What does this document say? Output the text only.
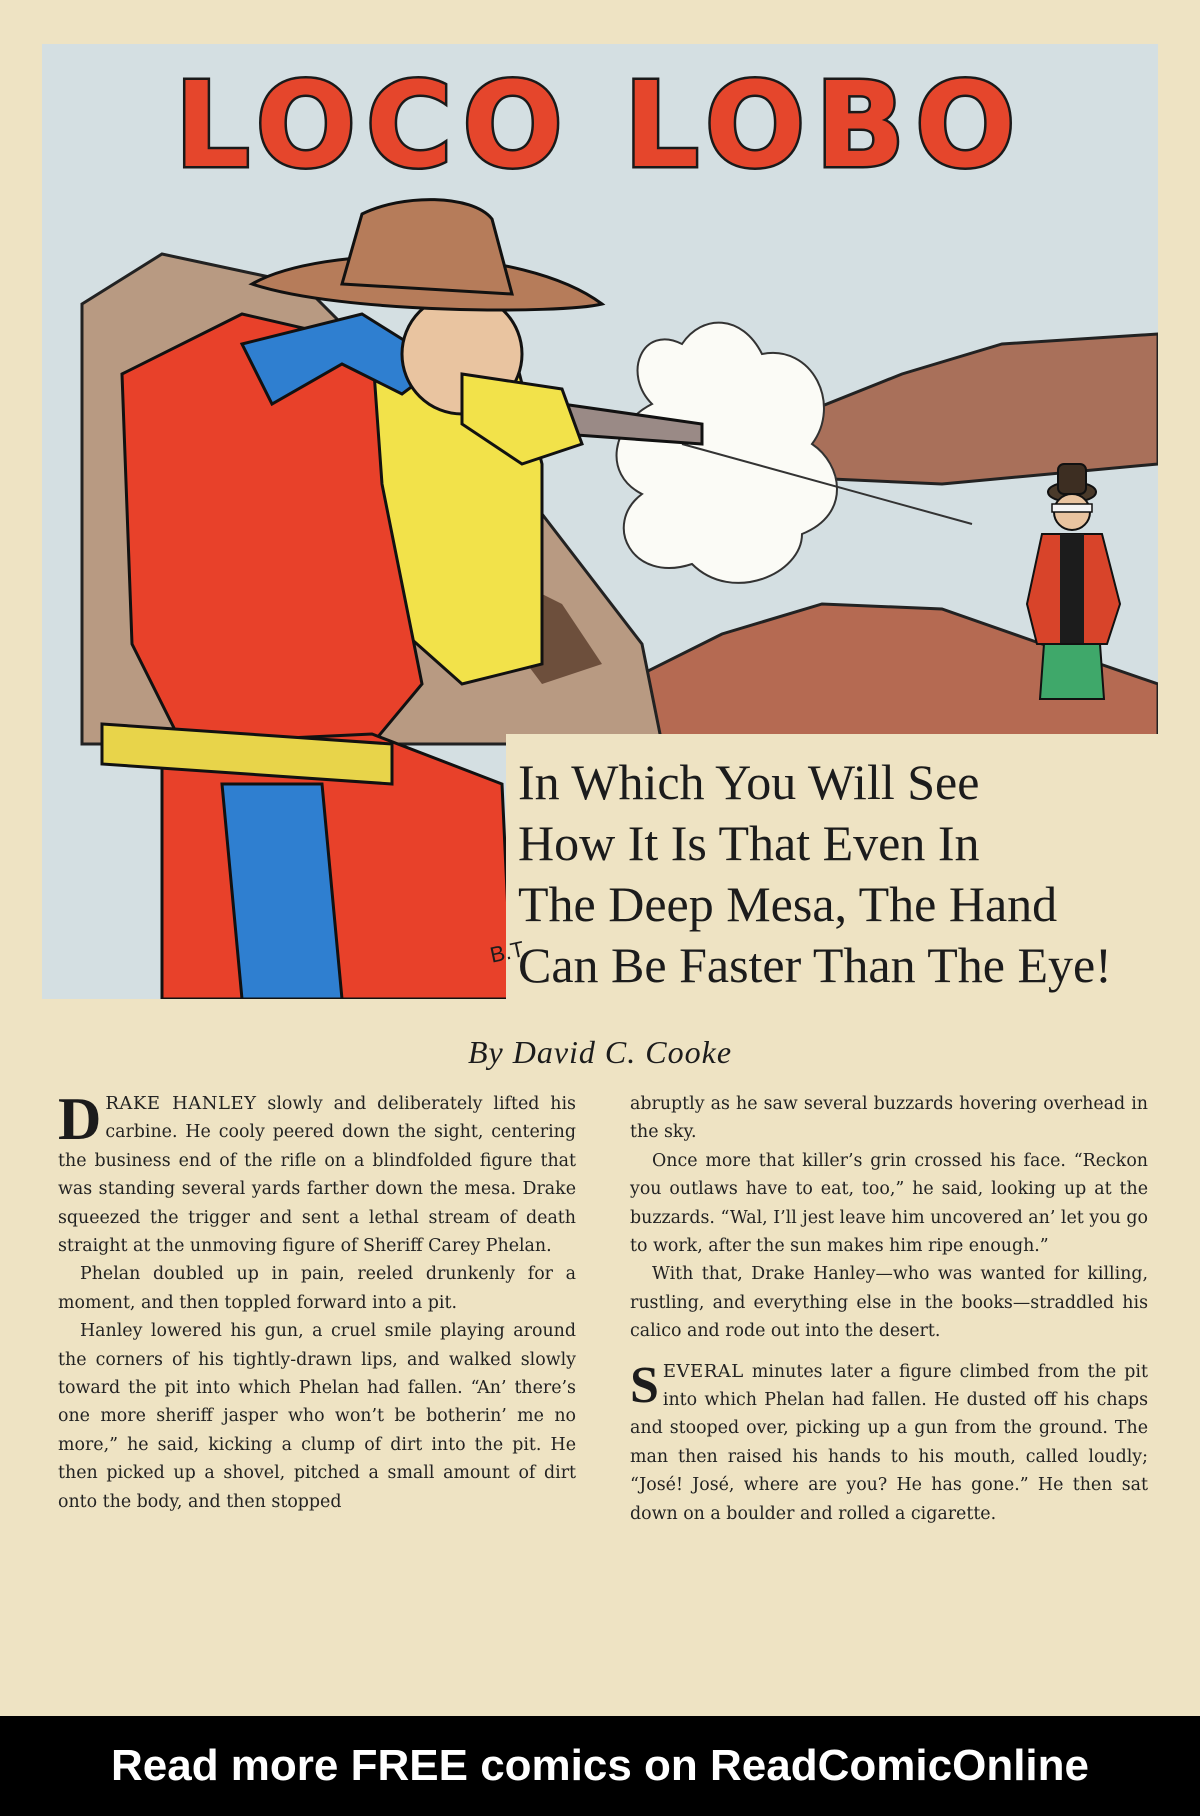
LOCO LOBO
In Which You Will See
How It Is That Even In
The Deep Mesa, The Hand
Can Be Faster Than The Eye!
B.T.
By David C. Cooke

DRAKE HANLEY slowly and deliberately lifted his carbine. He cooly peered down the sight, centering the business end of the rifle on a blindfolded figure that was standing several yards farther down the mesa. Drake squeezed the trigger and sent a lethal stream of death straight at the unmoving figure of Sheriff Carey Phelan.

Phelan doubled up in pain, reeled drunkenly for a moment, and then toppled forward into a pit.

Hanley lowered his gun, a cruel smile playing around the corners of his tightly-drawn lips, and walked slowly toward the pit into which Phelan had fallen. “An’ there’s one more sheriff jasper who won’t be botherin’ me no more,” he said, kicking a clump of dirt into the pit. He then picked up a shovel, pitched a small amount of dirt onto the body, and then stopped

abruptly as he saw several buzzards hovering overhead in the sky.

Once more that killer’s grin crossed his face. “Reckon you outlaws have to eat, too,” he said, looking up at the buzzards. “Wal, I’ll jest leave him uncovered an’ let you go to work, after the sun makes him ripe enough.”

With that, Drake Hanley—who was wanted for killing, rustling, and everything else in the books—straddled his calico and rode out into the desert.

SEVERAL minutes later a figure climbed from the pit into which Phelan had fallen. He dusted off his chaps and stooped over, picking up a gun from the ground. The man then raised his hands to his mouth, called loudly; “José! José, where are you? He has gone.” He then sat down on a boulder and rolled a cigarette.

Read more FREE comics on ReadComicOnline
